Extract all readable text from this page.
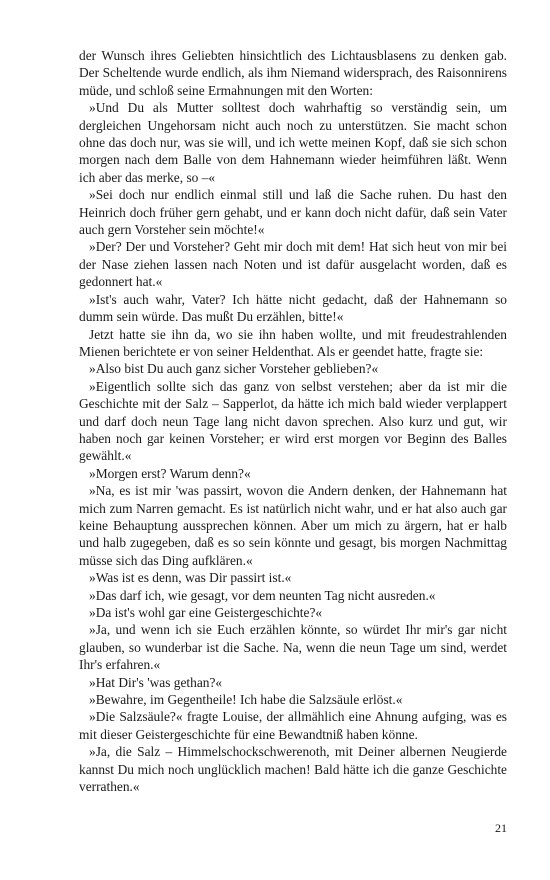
der Wunsch ihres Geliebten hinsichtlich des Lichtausblasens zu denken gab. Der Scheltende wurde endlich, als ihm Niemand widersprach, des Raisonnirens müde, und schloß seine Ermahnungen mit den Worten:

»Und Du als Mutter solltest doch wahrhaftig so verständig sein, um dergleichen Ungehorsam nicht auch noch zu unterstützen. Sie macht schon ohne das doch nur, was sie will, und ich wette meinen Kopf, daß sie sich schon morgen nach dem Balle von dem Hahnemann wieder heimführen läßt. Wenn ich aber das merke, so –«

»Sei doch nur endlich einmal still und laß die Sache ruhen. Du hast den Heinrich doch früher gern gehabt, und er kann doch nicht dafür, daß sein Vater auch gern Vorsteher sein möchte!«

»Der? Der und Vorsteher? Geht mir doch mit dem! Hat sich heut von mir bei der Nase ziehen lassen nach Noten und ist dafür ausgelacht worden, daß es gedonnert hat.«

»Ist's auch wahr, Vater? Ich hätte nicht gedacht, daß der Hahnemann so dumm sein würde. Das mußt Du erzählen, bitte!«

Jetzt hatte sie ihn da, wo sie ihn haben wollte, und mit freudestrahlenden Mienen berichtete er von seiner Heldenthat. Als er geendet hatte, fragte sie:

»Also bist Du auch ganz sicher Vorsteher geblieben?«

»Eigentlich sollte sich das ganz von selbst verstehen; aber da ist mir die Geschichte mit der Salz – Sapperlot, da hätte ich mich bald wieder verplappert und darf doch neun Tage lang nicht davon sprechen. Also kurz und gut, wir haben noch gar keinen Vorsteher; er wird erst morgen vor Beginn des Balles gewählt.«

»Morgen erst? Warum denn?«

»Na, es ist mir 'was passirt, wovon die Andern denken, der Hahnemann hat mich zum Narren gemacht. Es ist natürlich nicht wahr, und er hat also auch gar keine Behauptung aussprechen können. Aber um mich zu ärgern, hat er halb und halb zugegeben, daß es so sein könnte und gesagt, bis morgen Nachmittag müsse sich das Ding aufklären.«

»Was ist es denn, was Dir passirt ist.«

»Das darf ich, wie gesagt, vor dem neunten Tag nicht ausreden.«

»Da ist's wohl gar eine Geistergeschichte?«

»Ja, und wenn ich sie Euch erzählen könnte, so würdet Ihr mir's gar nicht glauben, so wunderbar ist die Sache. Na, wenn die neun Tage um sind, werdet Ihr's erfahren.«

»Hat Dir's 'was gethan?«

»Bewahre, im Gegentheile! Ich habe die Salzsäule erlöst.«

»Die Salzsäule?« fragte Louise, der allmählich eine Ahnung aufging, was es mit dieser Geistergeschichte für eine Bewandtniß haben könne.

»Ja, die Salz – Himmelschockschwerenoth, mit Deiner albernen Neugierde kannst Du mich noch unglücklich machen! Bald hätte ich die ganze Geschichte verrathen.«

21
